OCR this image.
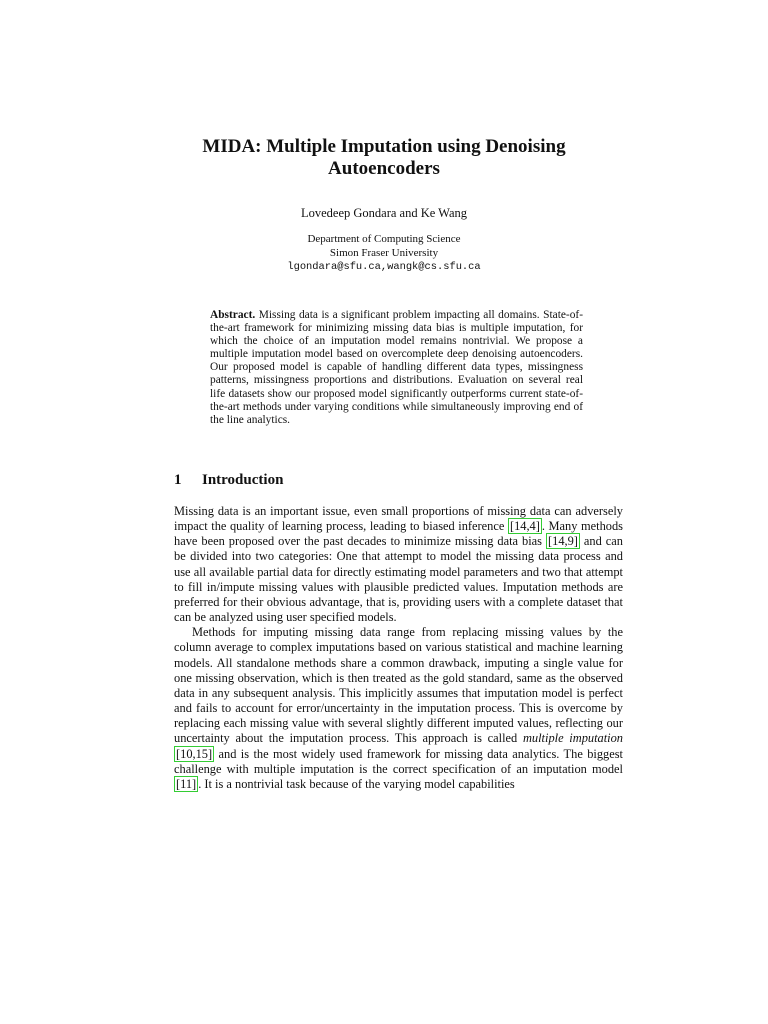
MIDA: Multiple Imputation using Denoising
Autoencoders
Lovedeep Gondara and Ke Wang
Department of Computing Science
Simon Fraser University
lgondara@sfu.ca,wangk@cs.sfu.ca
Abstract. Missing data is a significant problem impacting all domains. State-of-the-art framework for minimizing missing data bias is multiple imputation, for which the choice of an imputation model remains nontrivial. We propose a multiple imputation model based on overcomplete deep denoising autoencoders. Our proposed model is capable of handling different data types, missingness patterns, missingness proportions and distributions. Evaluation on several real life datasets show our proposed model significantly outperforms current state-of-the-art methods under varying conditions while simultaneously improving end of the line analytics.
1 Introduction

Missing data is an important issue, even small proportions of missing data can adversely impact the quality of learning process, leading to biased inference [14,4] . Many methods have been proposed over the past decades to minimize missing data bias [14,9] and can be divided into two categories: One that attempt to model the missing data process and use all available partial data for directly estimating model parameters and two that attempt to fill in/impute missing values with plausible predicted values. Imputation methods are preferred for their obvious advantage, that is, providing users with a complete dataset that can be analyzed using user specified models.

Methods for imputing missing data range from replacing missing values by the column average to complex imputations based on various statistical and machine learning models. All standalone methods share a common drawback, imputing a single value for one missing observation, which is then treated as the gold standard, same as the observed data in any subsequent analysis. This implicitly assumes that imputation model is perfect and fails to account for error/uncertainty in the imputation process. This is overcome by replacing each missing value with several slightly different imputed values, reflecting our uncertainty about the imputation process. This approach is called multiple imputation [10,15] and is the most widely used framework for missing data analytics. The biggest challenge with multiple imputation is the correct specification of an imputation model [11] . It is a nontrivial task because of the varying model capabilities
